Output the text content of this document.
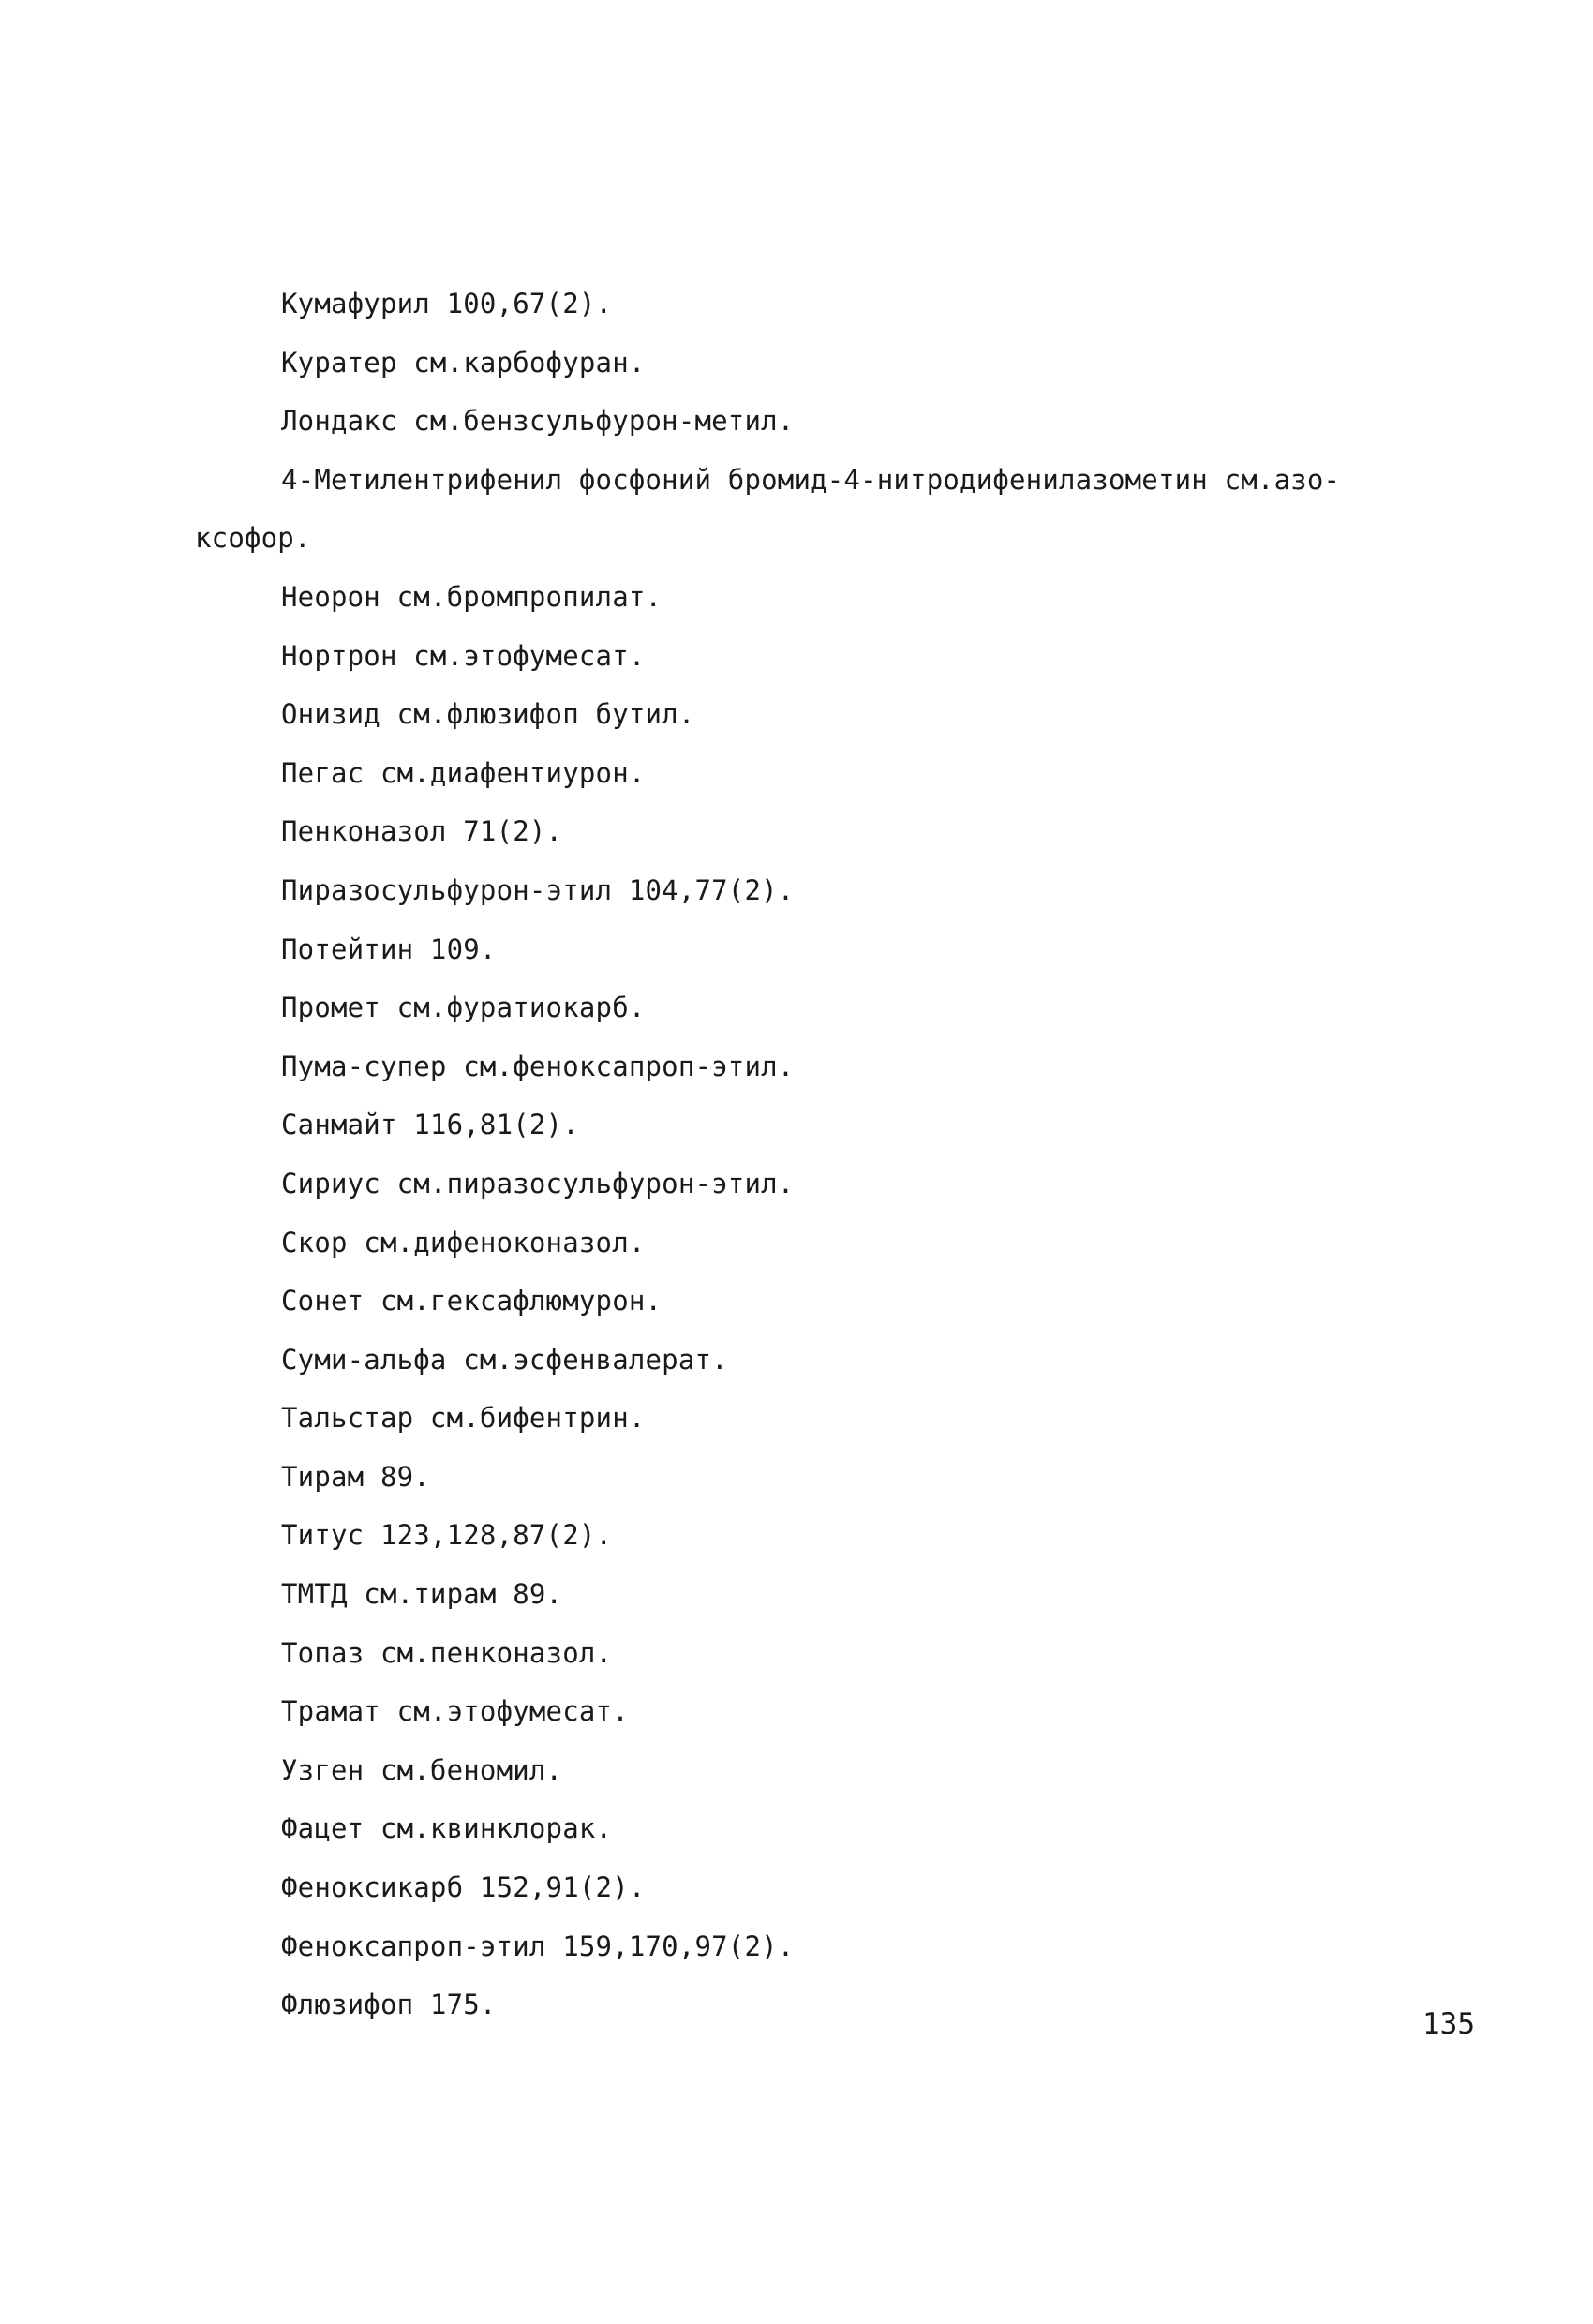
Кумафурил 100,67(2).
Куратер см.карбофуран.
Лондакс см.бензсульфурон-метил.
4-Метилентрифенил фосфоний бромид-4-нитродифенилазометин см.азо-
ксофор.
Неорон см.бромпропилат.
Нортрон см.этофумесат.
Онизид см.флюзифоп бутил.
Пегас см.диафентиурон.
Пенконазол 71(2).
Пиразосульфурон-этил 104,77(2).
Потейтин 109.
Промет см.фуратиокарб.
Пума-супер см.феноксапроп-этил.
Санмайт 116,81(2).
Сириус см.пиразосульфурон-этил.
Скор см.дифеноконазол.
Сонет см.гексафлюмурон.
Суми-альфа см.эсфенвалерат.
Тальстар см.бифентрин.
Тирам 89.
Титус 123,128,87(2).
ТМТД см.тирам 89.
Топаз см.пенконазол.
Трамат см.этофумесат.
Узген см.беномил.
Фацет см.квинклорак.
Феноксикарб 152,91(2).
Феноксапроп-этил 159,170,97(2).
Флюзифоп 175.
135
